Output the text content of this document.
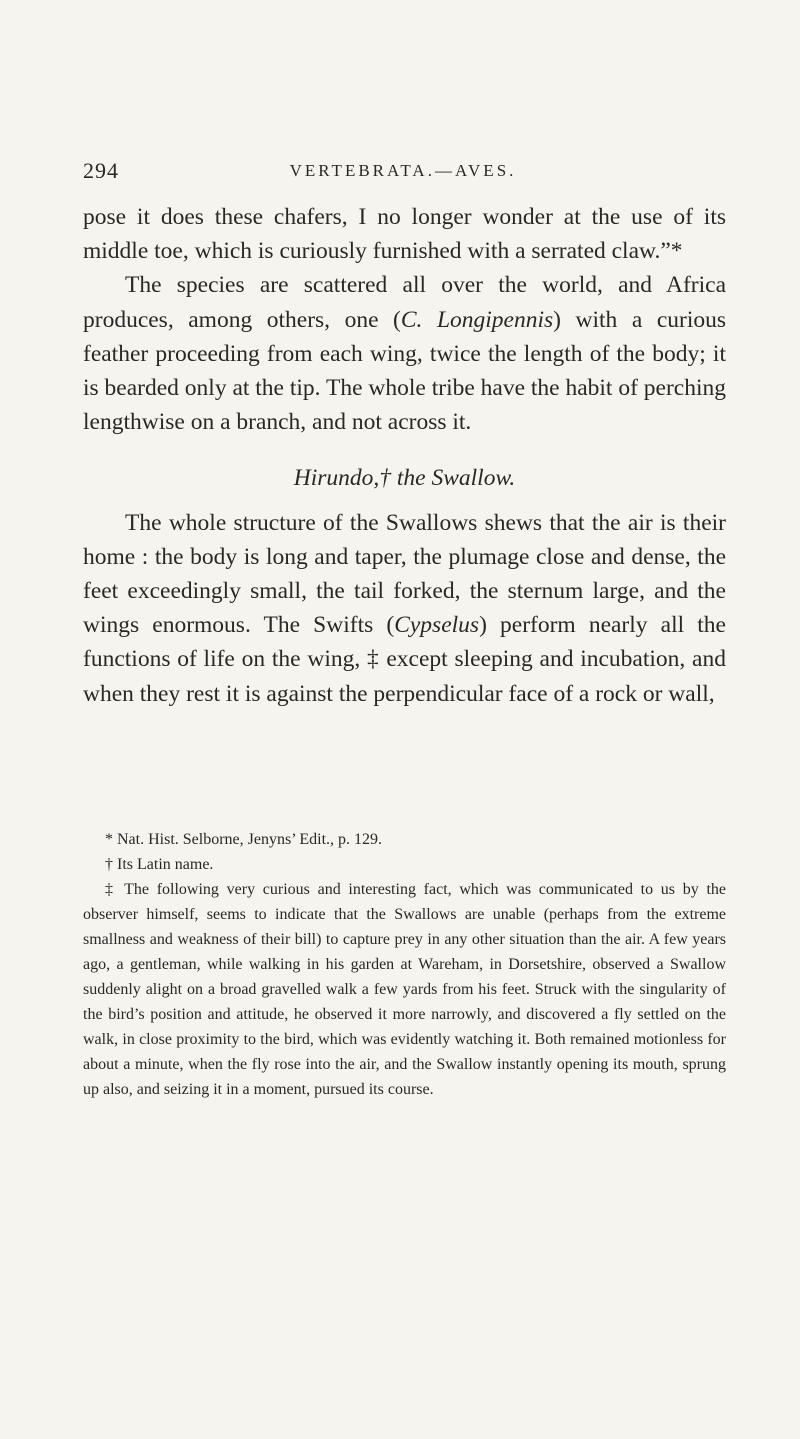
294	VERTEBRATA.—AVES.

pose it does these chafers, I no longer wonder at the use of its middle toe, which is curiously furnished with a serrated claw.”*

The species are scattered all over the world, and Africa produces, among others, one (C. Longipennis) with a curious feather proceeding from each wing, twice the length of the body; it is bearded only at the tip. The whole tribe have the habit of perching lengthwise on a branch, and not across it.

Hirundo,† the Swallow.

The whole structure of the Swallows shews that the air is their home : the body is long and taper, the plumage close and dense, the feet exceedingly small, the tail forked, the sternum large, and the wings enormous. The Swifts (Cypselus) perform nearly all the functions of life on the wing, ‡ except sleeping and incubation, and when they rest it is against the perpendicular face of a rock or wall,

* Nat. Hist. Selborne, Jenyns’ Edit., p. 129.

† Its Latin name.

‡ The following very curious and interesting fact, which was communicated to us by the observer himself, seems to indicate that the Swallows are unable (perhaps from the extreme smallness and weakness of their bill) to capture prey in any other situation than the air. A few years ago, a gentleman, while walking in his garden at Wareham, in Dorsetshire, observed a Swallow suddenly alight on a broad gravelled walk a few yards from his feet. Struck with the singularity of the bird’s position and attitude, he observed it more narrowly, and discovered a fly settled on the walk, in close proximity to the bird, which was evidently watching it. Both remained motionless for about a minute, when the fly rose into the air, and the Swallow instantly opening its mouth, sprung up also, and seizing it in a moment, pursued its course.
